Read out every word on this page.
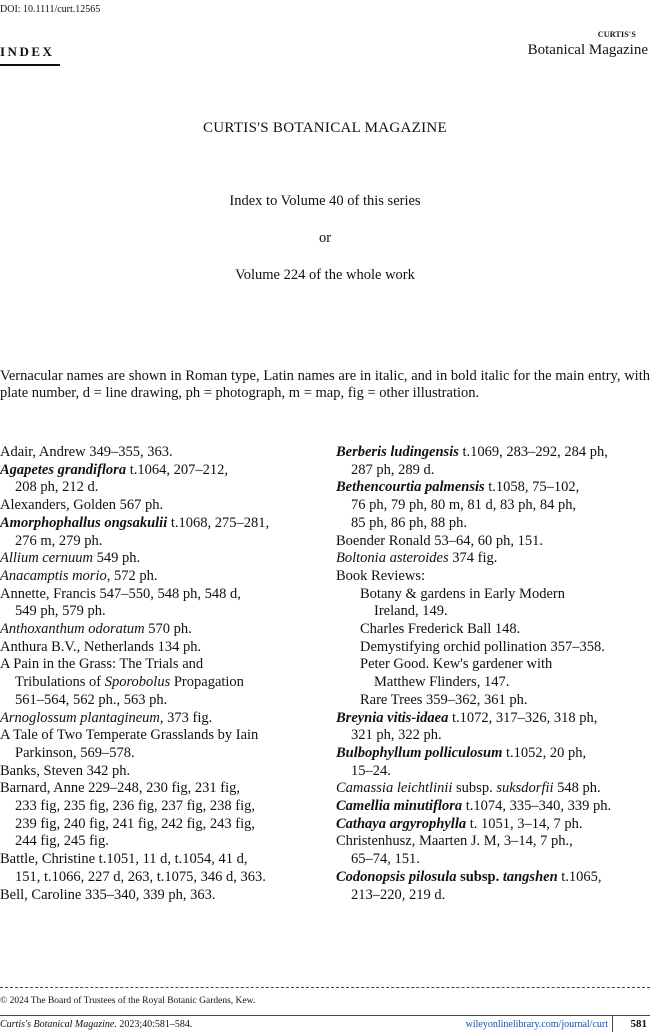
DOI: 10.1111/curt.12565
INDEX
CURTIS'S
Botanical Magazine
CURTIS'S BOTANICAL MAGAZINE
Index to Volume 40 of this series
or
Volume 224 of the whole work
Vernacular names are shown in Roman type, Latin names are in italic, and in bold italic for the main entry, with plate number, d = line drawing, ph = photograph, m = map, fig = other illustration.
Adair, Andrew 349–355, 363.
Agapetes grandiflora t.1064, 207–212,
208 ph, 212 d.
Alexanders, Golden 567 ph.
Amorphophallus ongsakulii t.1068, 275–281,
276 m, 279 ph.
Allium cernuum 549 ph.
Anacamptis morio, 572 ph.
Annette, Francis 547–550, 548 ph, 548 d,
549 ph, 579 ph.
Anthoxanthum odoratum 570 ph.
Anthura B.V., Netherlands 134 ph.
A Pain in the Grass: The Trials and
Tribulations of Sporobolus Propagation
561–564, 562 ph., 563 ph.
Arnoglossum plantagineum, 373 fig.
A Tale of Two Temperate Grasslands by Iain
Parkinson, 569–578.
Banks, Steven 342 ph.
Barnard, Anne 229–248, 230 fig, 231 fig,
233 fig, 235 fig, 236 fig, 237 fig, 238 fig,
239 fig, 240 fig, 241 fig, 242 fig, 243 fig,
244 fig, 245 fig.
Battle, Christine t.1051, 11 d, t.1054, 41 d,
151, t.1066, 227 d, 263, t.1075, 346 d, 363.
Bell, Caroline 335–340, 339 ph, 363.
Berberis ludingensis t.1069, 283–292, 284 ph,
287 ph, 289 d.
Bethencourtia palmensis t.1058, 75–102,
76 ph, 79 ph, 80 m, 81 d, 83 ph, 84 ph,
85 ph, 86 ph, 88 ph.
Boender Ronald 53–64, 60 ph, 151.
Boltonia asteroides 374 fig.
Book Reviews:
Botany & gardens in Early Modern
Ireland, 149.
Charles Frederick Ball 148.
Demystifying orchid pollination 357–358.
Peter Good. Kew's gardener with
Matthew Flinders, 147.
Rare Trees 359–362, 361 ph.
Breynia vitis-idaea t.1072, 317–326, 318 ph,
321 ph, 322 ph.
Bulbophyllum polliculosum t.1052, 20 ph,
15–24.
Camassia leichtlinii subsp. suksdorfii 548 ph.
Camellia minutiflora t.1074, 335–340, 339 ph.
Cathaya argyrophylla t. 1051, 3–14, 7 ph.
Christenhusz, Maarten J. M, 3–14, 7 ph.,
65–74, 151.
Codonopsis pilosula subsp. tangshen t.1065,
213–220, 219 d.
© 2024 The Board of Trustees of the Royal Botanic Gardens, Kew.
Curtis's Botanical Magazine. 2023;40:581–584.	wileyonlinelibrary.com/journal/curt 581
